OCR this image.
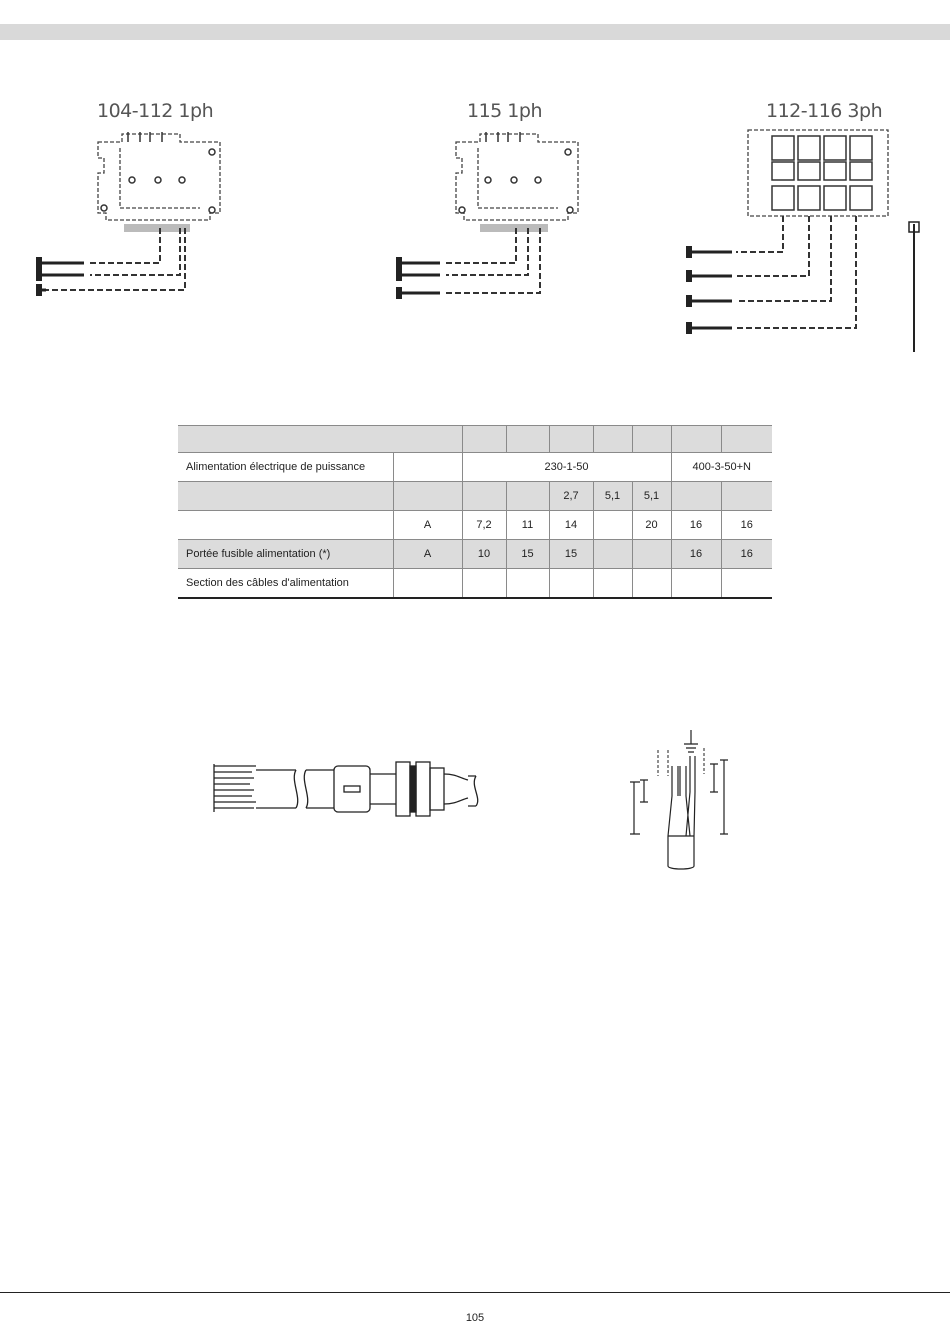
104-112 1ph	115 1ph	112-116 3ph

Alimentation électrique de puissance		230-1-50					400-3-50+N	
				2,7	5,1	5,1		
	A	7,2	11	14		20	16	16
Portée fusible alimentation (*)	A	10	15	15			16	16
Section des câbles d'alimentation								
105
